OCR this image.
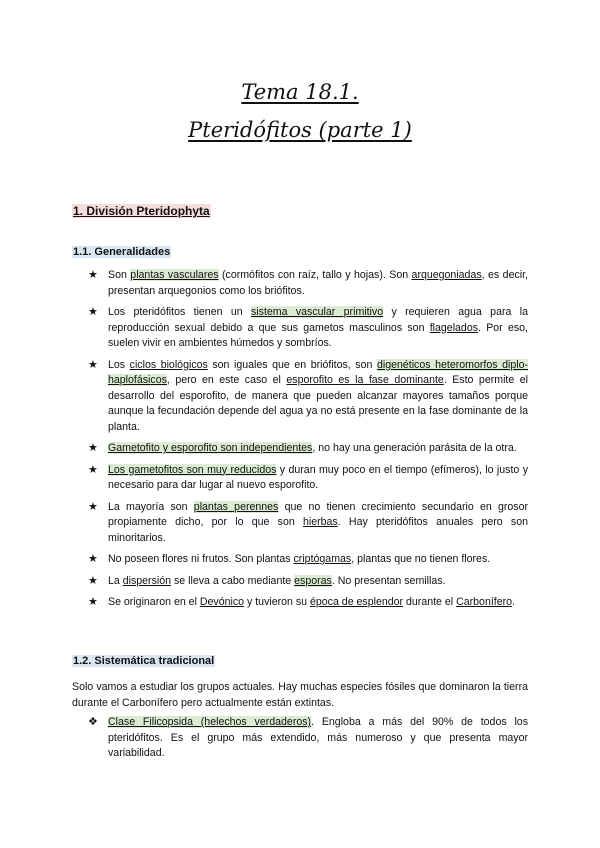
Tema 18.1.
Pteridófitos (parte 1)
1. División Pteridophyta
1.1. Generalidades
★ Son plantas vasculares (cormófitos con raíz, tallo y hojas). Son arquegoniadas, es decir, presentan arquegonios como los briófitos.
★ Los pteridófitos tienen un sistema vascular primitivo y requieren agua para la reproducción sexual debido a que sus gametos masculinos son flagelados. Por eso, suelen vivir en ambientes húmedos y sombríos.
★ Los ciclos biológicos son iguales que en briófitos, son digenéticos heteromorfos diplo-haplofásicos, pero en este caso el esporofito es la fase dominante. Esto permite el desarrollo del esporofito, de manera que pueden alcanzar mayores tamaños porque aunque la fecundación depende del agua ya no está presente en la fase dominante de la planta.
★ Gametofito y esporofito son independientes, no hay una generación parásita de la otra.
★ Los gametofitos son muy reducidos y duran muy poco en el tiempo (efímeros), lo justo y necesario para dar lugar al nuevo esporofito.
★ La mayoría son plantas perennes que no tienen crecimiento secundario en grosor propiamente dicho, por lo que son hierbas. Hay pteridófitos anuales pero son minoritarios.
★ No poseen flores ni frutos. Son plantas criptógamas, plantas que no tienen flores.
★ La dispersión se lleva a cabo mediante esporas. No presentan semillas.
★ Se originaron en el Devónico y tuvieron su época de esplendor durante el Carbonífero.
1.2. Sistemática tradicional

Solo vamos a estudiar los grupos actuales. Hay muchas especies fósiles que dominaron la tierra durante el Carbonífero pero actualmente están extintas.

❖ Clase Filicopsida (helechos verdaderos). Engloba a más del 90% de todos los pteridófitos. Es el grupo más extendido, más numeroso y que presenta mayor variabilidad.
